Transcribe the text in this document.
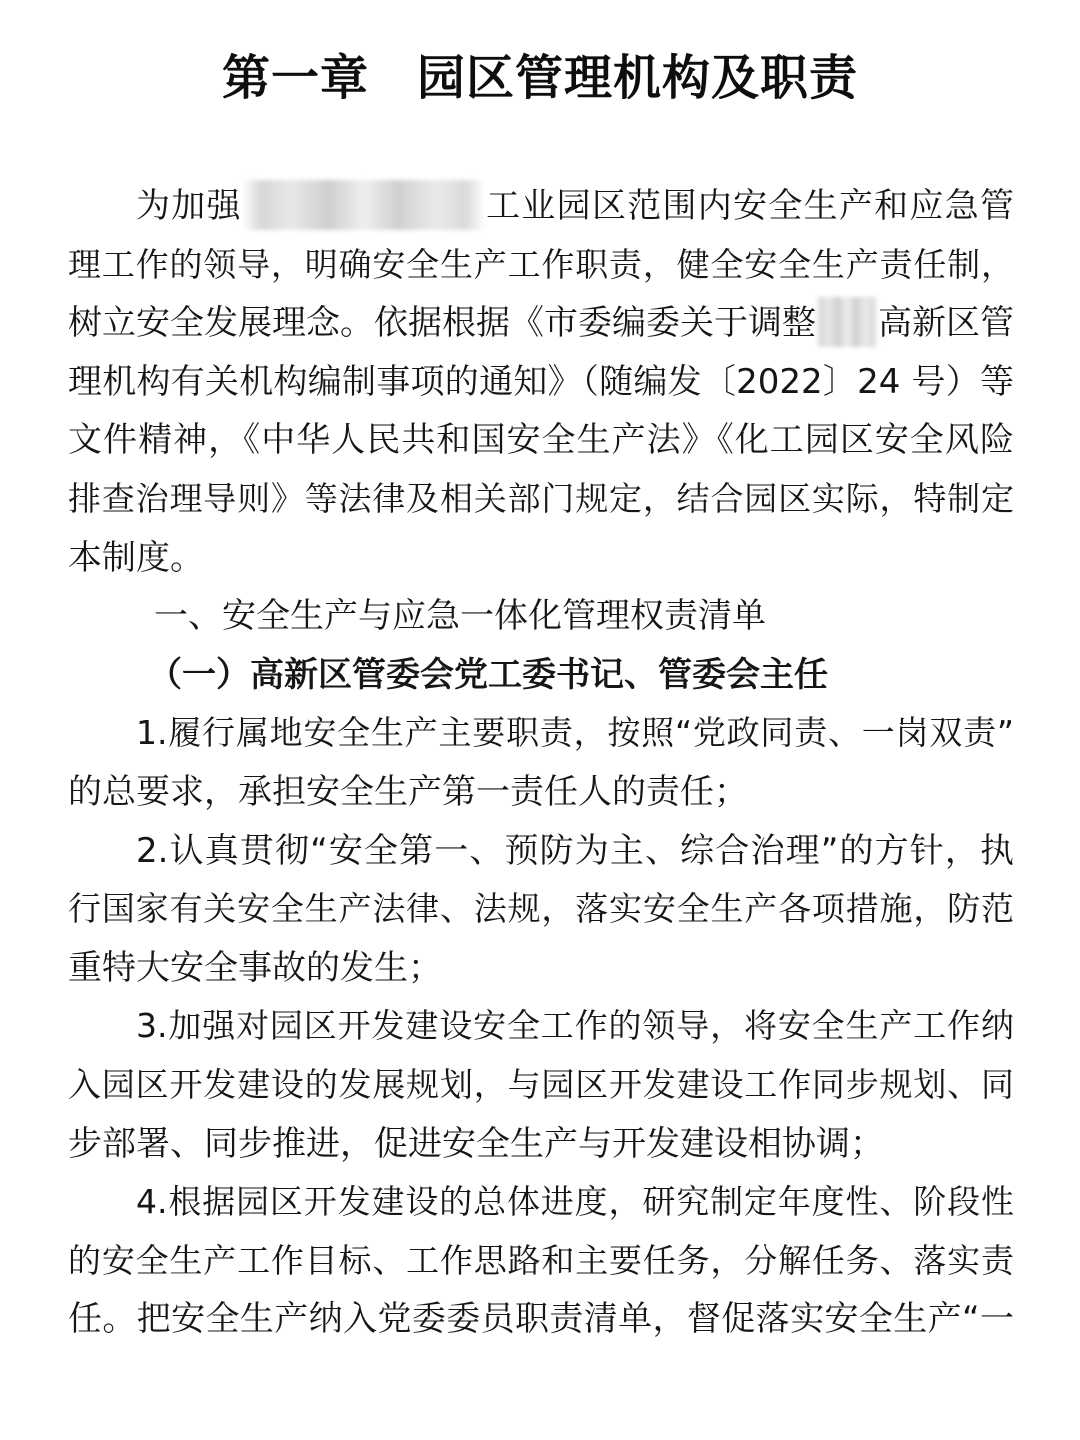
第一章 园区管理机构及职责
为加强	工业园区范围内安全生产和应急管
理工作的领导，明确安全生产工作职责，健全安全生产责任制，
树立安全发展理念。依据根据《市委编委关于调整 高新区管
理机构有关机构编制事项的通知》（随编发〔2022〕24 号）等
文件精神，《中华人民共和国安全生产法》《化工园区安全风险
排查治理导则》等法律及相关部门规定，结合园区实际，特制定
本制度。
一、安全生产与应急一体化管理权责清单
（一）高新区管委会党工委书记、管委会主任
1.履行属地安全生产主要职责，按照“党政同责、一岗双责”
的总要求，承担安全生产第一责任人的责任；
2.认真贯彻“安全第一、预防为主、综合治理”的方针，执
行国家有关安全生产法律、法规，落实安全生产各项措施，防范
重特大安全事故的发生；
3.加强对园区开发建设安全工作的领导，将安全生产工作纳
入园区开发建设的发展规划，与园区开发建设工作同步规划、同
步部署、同步推进，促进安全生产与开发建设相协调；
4.根据园区开发建设的总体进度，研究制定年度性、阶段性
的安全生产工作目标、工作思路和主要任务，分解任务、落实责
任。把安全生产纳入党委委员职责清单，督促落实安全生产“一
